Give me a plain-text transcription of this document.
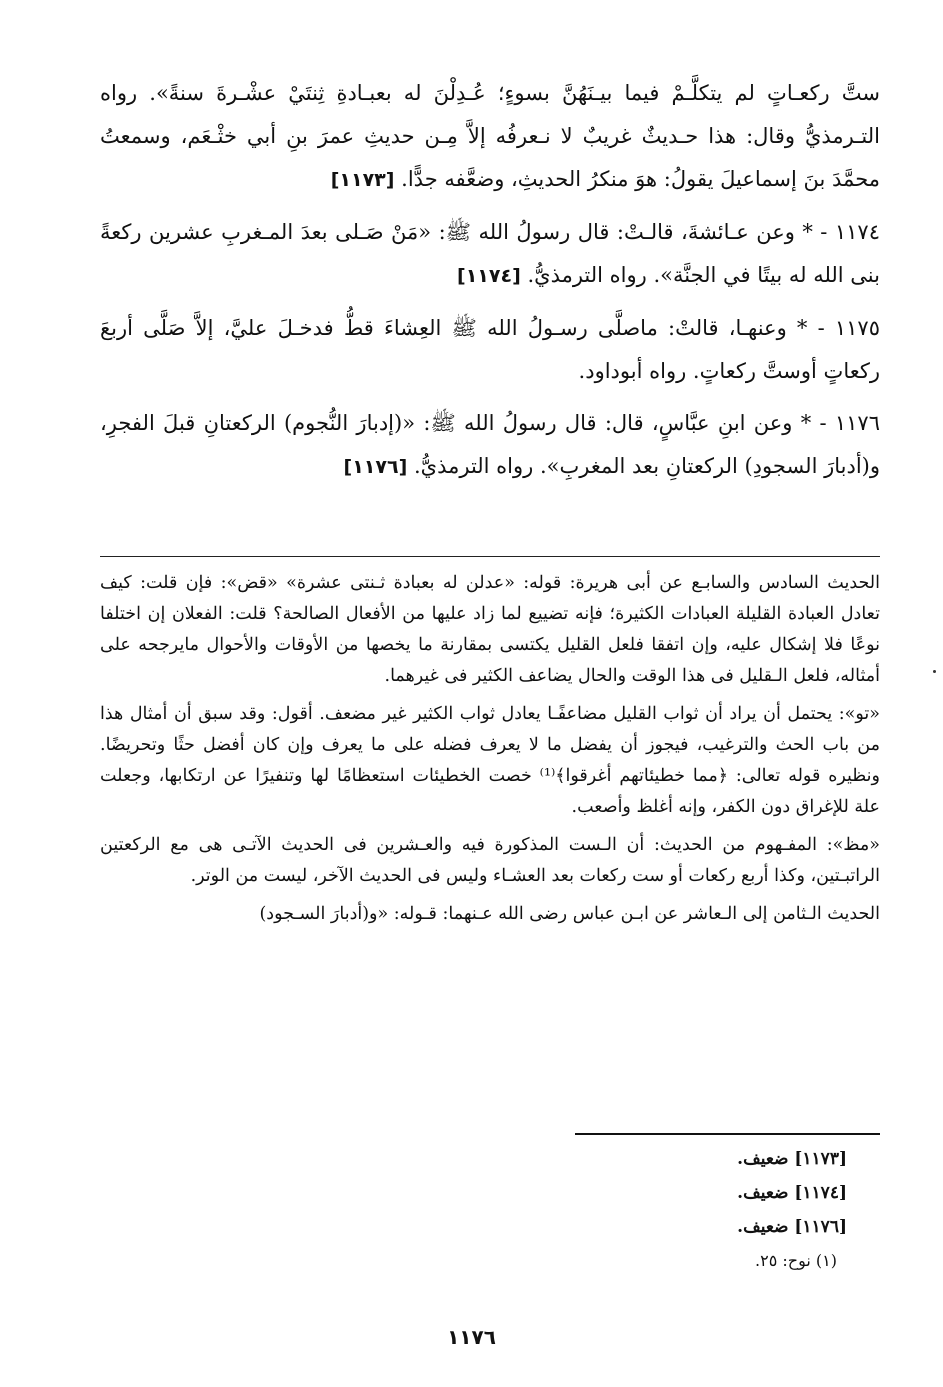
ستَّ ركعـاتٍ لم يتكلَّـمْ فيما بيـنَهُنَّ بسوءٍ؛ عُـدِلْنَ له بعبـادةِ ثِنتَيْ عشْـرةَ سنةً». رواه التـرمذيُّ وقال: هذا حـديثٌ غريبٌ لا نـعرفُه إلاَّ مِـن حديثِ عمرَ بنِ أبي خثْـعَم، وسمعتُ محمَّدَ بنَ إسماعيلَ يقولُ: هوَ منكرُ الحديثِ، وضعَّفه جدًّا. [١١٧٣]

١١٧٤ - * وعن عـائشةَ، قالـتْ: قال رسولُ الله ﷺ: «مَنْ صَـلى بعدَ المـغربِ عشرين ركعةً بنى الله له بيتًا في الجنَّة». رواه الترمذيُّ. [١١٧٤]

١١٧٥ - * وعنهـا، قالتْ: ماصلَّى رسـولُ الله ﷺ العِشاءَ قطُّ فدخـلَ عليَّ، إلاَّ صَلَّى أربعَ ركعاتٍ أوستَّ ركعاتٍ. رواه أبوداود.

١١٧٦ - * وعن ابنِ عبَّاسٍ، قال: قال رسولُ الله ﷺ: «(إدبارَ النُّجوم) الركعتانِ قبلَ الفجرِ، و(أدبارَ السجودِ) الركعتانِ بعد المغربِ». رواه الترمذيُّ. [١١٧٦]

الحديث السادس والسابـع عن أبى هريرة: قوله: «عدلن له بعبادة ثـنتى عشرة» «قض»: فإن قلت: كيف تعادل العبادة القليلة العبادات الكثيرة؛ فإنه تضييع لما زاد عليها من الأفعال الصالحة؟ قلت: الفعلان إن اختلفا نوعًا فلا إشكال عليه، وإن اتفقا فلعل القليل يكتسى بمقارنة ما يخصها من الأوقات والأحوال مايرجحه على أمثاله، فلعل الـقليل فى هذا الوقت والحال يضاعف الكثير فى غيرهما.

«تو»: يحتمل أن يراد أن ثواب القليل مضاعفًـا يعادل ثواب الكثير غير مضعف. أقول: وقد سبق أن أمثال هذا من باب الحث والترغيب، فيجوز أن يفضل ما لا يعرف فضله على ما يعرف وإن كان أفضل حثًا وتحريضًا. ونظيره قوله تعالى: ﴿مما خطيئاتهم أغرقوا﴾⁽¹⁾ خصت الخطيئات استعظامًا لها وتنفيرًا عن ارتكابها، وجعلت علة للإغراق دون الكفر، وإنه أغلظ وأصعب.

«مظ»: المفـهوم من الحديث: أن الـست المذكورة فيه والعـشرين فى الحديث الآتـى هى مع الركعتين الراتبـتين، وكذا أربع ركعات أو ست ركعات بعد العشـاء وليس فى الحديث الآخر، ليست من الوتر.

الحديث الـثامن إلى الـعاشر عن ابـن عباس رضى الله عـنهما: قـوله: «و(أدبارَ السـجود)

[١١٧٣] ضعيف.

[١١٧٤] ضعيف.

[١١٧٦] ضعيف.

(١) نوح: ٢٥.

١١٧٦
